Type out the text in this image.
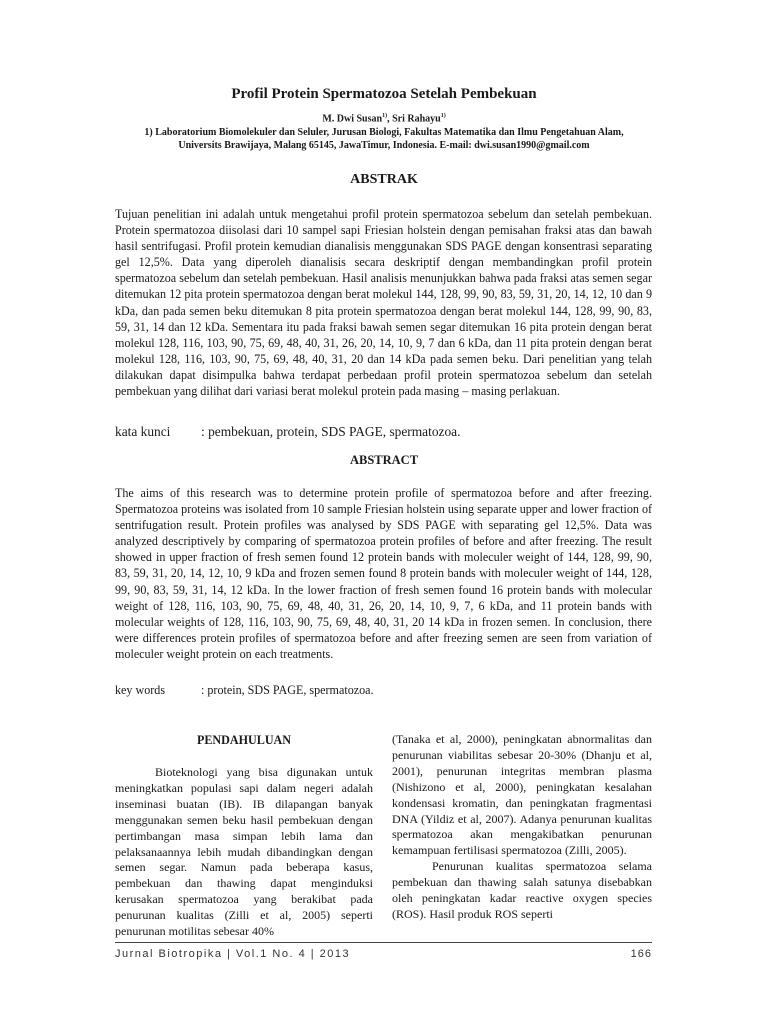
Profil Protein Spermatozoa Setelah Pembekuan
M. Dwi Susan$^{1)}$, Sri Rahayu$^{1)}$
1) Laboratorium Biomolekuler dan Seluler, Jurusan Biologi, Fakultas Matematika dan Ilmu Pengetahuan Alam,
Universits Brawijaya, Malang 65145, JawaTimur, Indonesia. E-mail: dwi.susan1990@gmail.com
ABSTRAK
Tujuan penelitian ini adalah untuk mengetahui profil protein spermatozoa sebelum dan setelah pembekuan. Protein spermatozoa diisolasi dari 10 sampel sapi Friesian holstein dengan pemisahan fraksi atas dan bawah hasil sentrifugasi. Profil protein kemudian dianalisis menggunakan SDS PAGE dengan konsentrasi separating gel 12,5%. Data yang diperoleh dianalisis secara deskriptif dengan membandingkan profil protein spermatozoa sebelum dan setelah pembekuan. Hasil analisis menunjukkan bahwa pada fraksi atas semen segar ditemukan 12 pita protein spermatozoa dengan berat molekul 144, 128, 99, 90, 83, 59, 31, 20, 14, 12, 10 dan 9 kDa, dan pada semen beku ditemukan 8 pita protein spermatozoa dengan berat molekul 144, 128, 99, 90, 83, 59, 31, 14 dan 12 kDa. Sementara itu pada fraksi bawah semen segar ditemukan 16 pita protein dengan berat molekul 128, 116, 103, 90, 75, 69, 48, 40, 31, 26, 20, 14, 10, 9, 7 dan 6 kDa, dan 11 pita protein dengan berat molekul 128, 116, 103, 90, 75, 69, 48, 40, 31, 20 dan 14 kDa pada semen beku. Dari penelitian yang telah dilakukan dapat disimpulka bahwa terdapat perbedaan profil protein spermatozoa sebelum dan setelah pembekuan yang dilihat dari variasi berat molekul protein pada masing – masing perlakuan.
kata kunci : pembekuan, protein, SDS PAGE, spermatozoa.
ABSTRACT
The aims of this research was to determine protein profile of spermatozoa before and after freezing. Spermatozoa proteins was isolated from 10 sample Friesian holstein using separate upper and lower fraction of sentrifugation result. Protein profiles was analysed by SDS PAGE with separating gel 12,5%. Data was analyzed descriptively by comparing of spermatozoa protein profiles of before and after freezing. The result showed in upper fraction of fresh semen found 12 protein bands with moleculer weight of 144, 128, 99, 90, 83, 59, 31, 20, 14, 12, 10, 9 kDa and frozen semen found 8 protein bands with moleculer weight of 144, 128, 99, 90, 83, 59, 31, 14, 12 kDa. In the lower fraction of fresh semen found 16 protein bands with molecular weight of 128, 116, 103, 90, 75, 69, 48, 40, 31, 26, 20, 14, 10, 9, 7, 6 kDa, and 11 protein bands with molecular weights of 128, 116, 103, 90, 75, 69, 48, 40, 31, 20 14 kDa in frozen semen. In conclusion, there were differences protein profiles of spermatozoa before and after freezing semen are seen from variation of moleculer weight protein on each treatments.
key words	: protein, SDS PAGE, spermatozoa.
PENDAHULUAN
Bioteknologi yang bisa digunakan untuk meningkatkan populasi sapi dalam negeri adalah inseminasi buatan (IB). IB dilapangan banyak menggunakan semen beku hasil pembekuan dengan pertimbangan masa simpan lebih lama dan pelaksanaannya lebih mudah dibandingkan dengan semen segar. Namun pada beberapa kasus, pembekuan dan thawing dapat menginduksi kerusakan spermatozoa yang berakibat pada penurunan kualitas (Zilli et al, 2005) seperti penurunan motilitas sebesar 40%
(Tanaka et al, 2000), peningkatan abnormalitas dan penurunan viabilitas sebesar 20-30% (Dhanju et al, 2001), penurunan integritas membran plasma (Nishizono et al, 2000), peningkatan kesalahan kondensasi kromatin, dan peningkatan fragmentasi DNA (Yildiz et al, 2007). Adanya penurunan kualitas spermatozoa akan mengakibatkan penurunan kemampuan fertilisasi spermatozoa (Zilli, 2005).
Penurunan kualitas spermatozoa selama pembekuan dan thawing salah satunya disebabkan oleh peningkatan kadar reactive oxygen species (ROS). Hasil produk ROS seperti
Jurnal Biotropika | Vol.1 No. 4 | 2013	166
